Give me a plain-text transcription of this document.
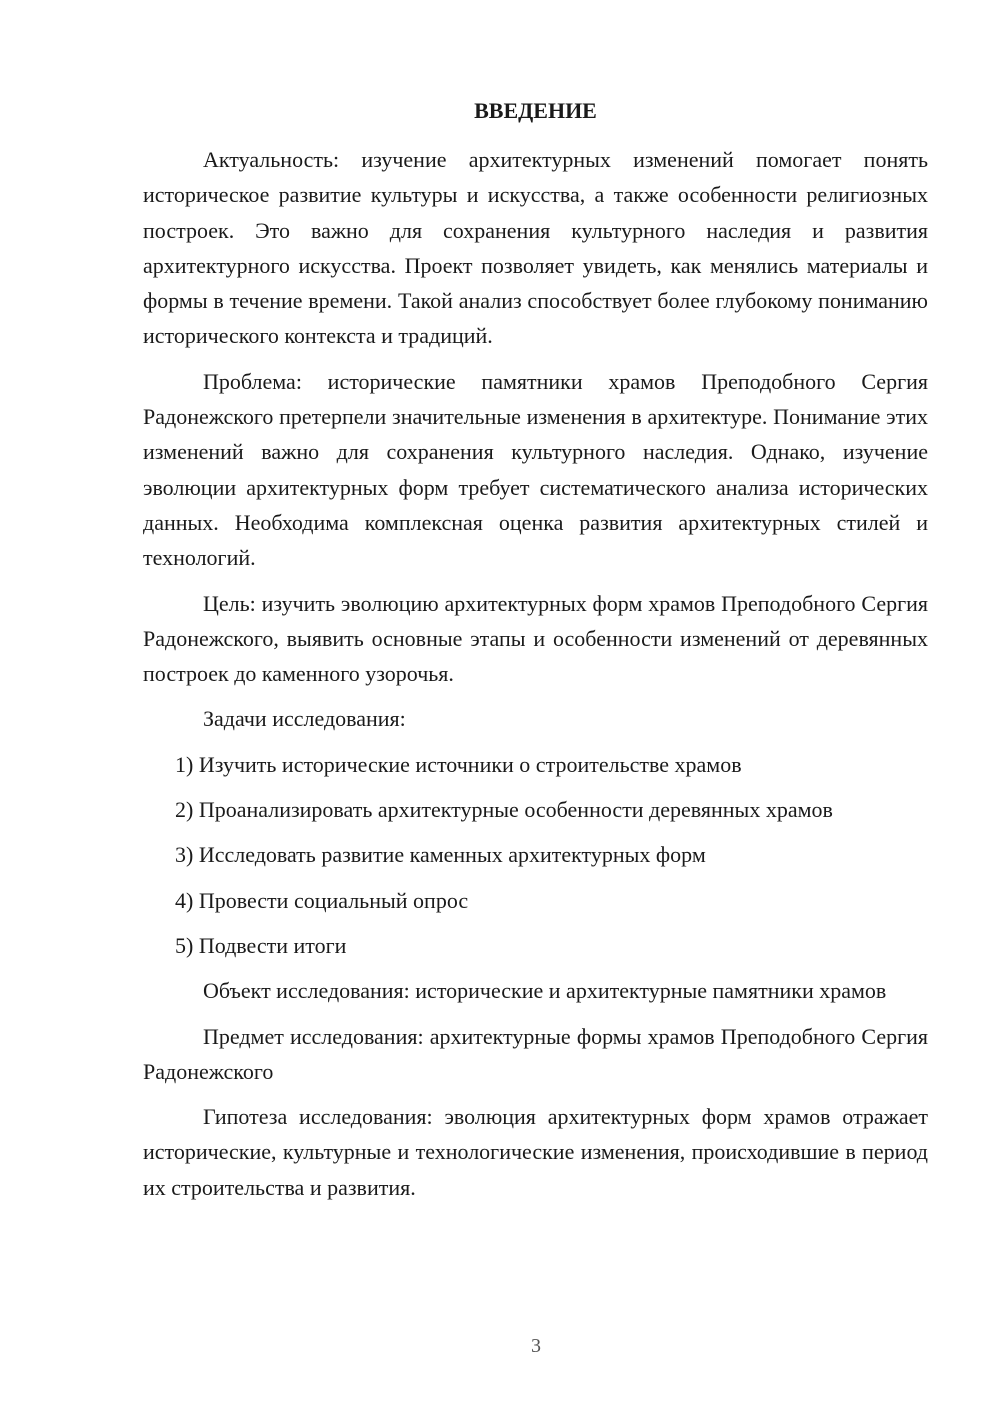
ВВЕДЕНИЕ

Актуальность: изучение архитектурных изменений помогает понять историческое развитие культуры и искусства, а также особенности религиозных построек. Это важно для сохранения культурного наследия и развития архитектурного искусства. Проект позволяет увидеть, как менялись материалы и формы в течение времени. Такой анализ способствует более глубокому пониманию исторического контекста и традиций.

Проблема: исторические памятники храмов Преподобного Сергия Радонежского претерпели значительные изменения в архитектуре. Понимание этих изменений важно для сохранения культурного наследия. Однако, изучение эволюции архитектурных форм требует систематического анализа исторических данных. Необходима комплексная оценка развития архитектурных стилей и технологий.

Цель: изучить эволюцию архитектурных форм храмов Преподобного Сергия Радонежского, выявить основные этапы и особенности изменений от деревянных построек до каменного узорочья.

Задачи исследования:

1) Изучить исторические источники о строительстве храмов
2) Проанализировать архитектурные особенности деревянных храмов
3) Исследовать развитие каменных архитектурных форм
4) Провести социальный опрос
5) Подвести итоги

Объект исследования: исторические и архитектурные памятники храмов

Предмет исследования: архитектурные формы храмов Преподобного Сергия Радонежского

Гипотеза исследования: эволюция архитектурных форм храмов отражает исторические, культурные и технологические изменения, происходившие в период их строительства и развития.

3
